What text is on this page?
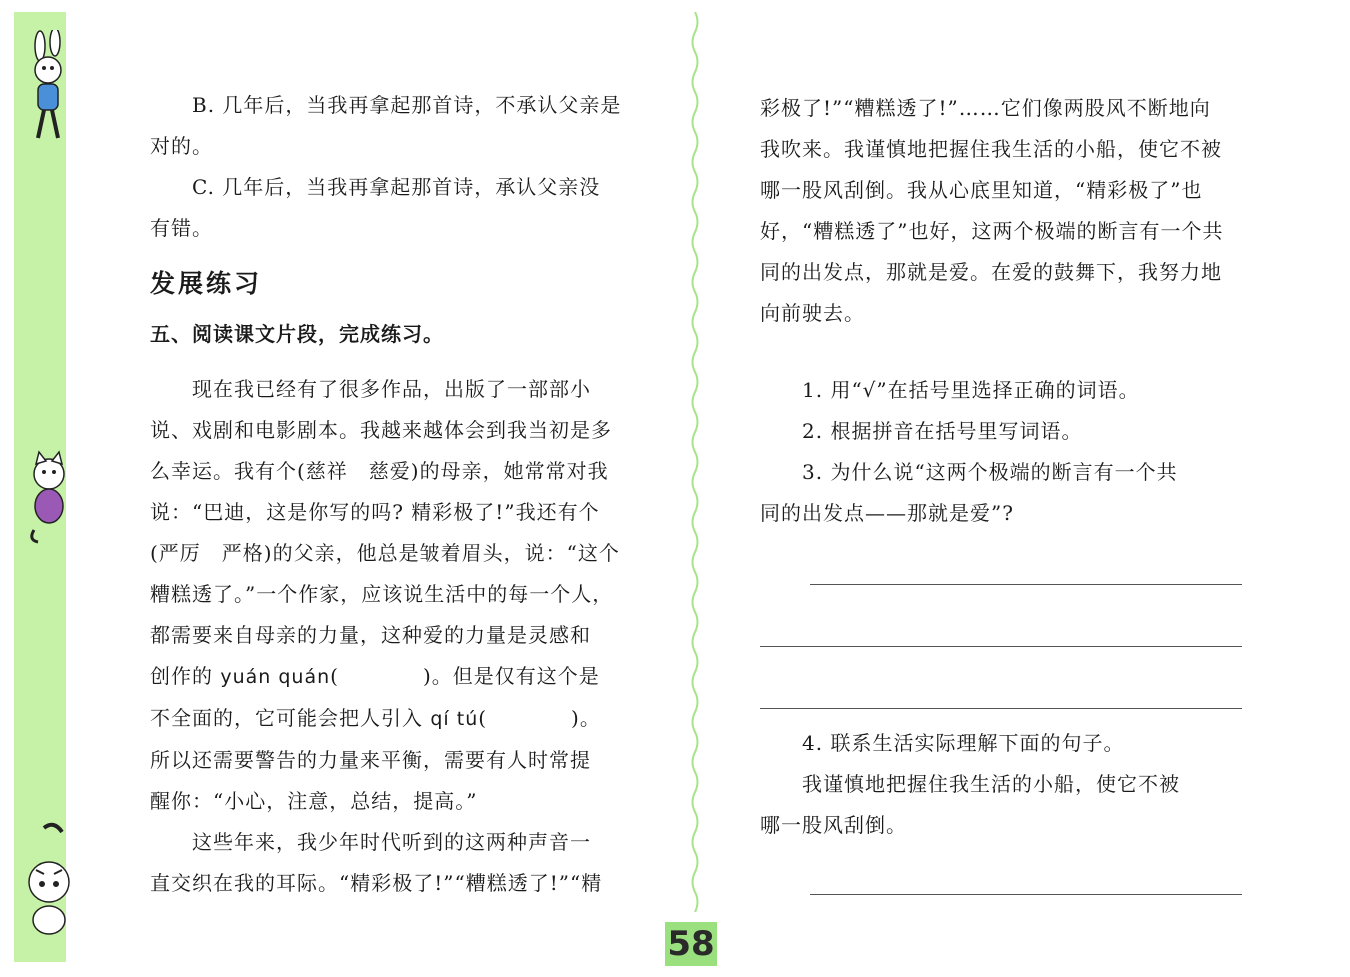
58

B. 几年后，当我再拿起那首诗，不承认父亲是

对的。

C. 几年后，当我再拿起那首诗，承认父亲没

有错。

发展练习

五、阅读课文片段，完成练习。

现在我已经有了很多作品，出版了一部部小

说、戏剧和电影剧本。我越来越体会到我当初是多

么幸运。我有个(慈祥　慈爱)的母亲，她常常对我

说：“巴迪，这是你写的吗? 精彩极了!”我还有个

(严厉　严格)的父亲，他总是皱着眉头，说：“这个

糟糕透了。”一个作家，应该说生活中的每一个人，

都需要来自母亲的力量，这种爱的力量是灵感和

创作的 yuán quán(　　　　)。但是仅有这个是

不全面的，它可能会把人引入 qí tú(　　　　)。

所以还需要警告的力量来平衡，需要有人时常提

醒你：“小心，注意，总结，提高。”

这些年来，我少年时代听到的这两种声音一

直交织在我的耳际。“精彩极了!”“糟糕透了!”“精

彩极了!”“糟糕透了!”……它们像两股风不断地向

我吹来。我谨慎地把握住我生活的小船，使它不被

哪一股风刮倒。我从心底里知道，“精彩极了”也

好，“糟糕透了”也好，这两个极端的断言有一个共

同的出发点，那就是爱。在爱的鼓舞下，我努力地

向前驶去。

1. 用“√”在括号里选择正确的词语。

2. 根据拼音在括号里写词语。

3. 为什么说“这两个极端的断言有一个共

同的出发点——那就是爱”?

4. 联系生活实际理解下面的句子。

我谨慎地把握住我生活的小船，使它不被

哪一股风刮倒。
